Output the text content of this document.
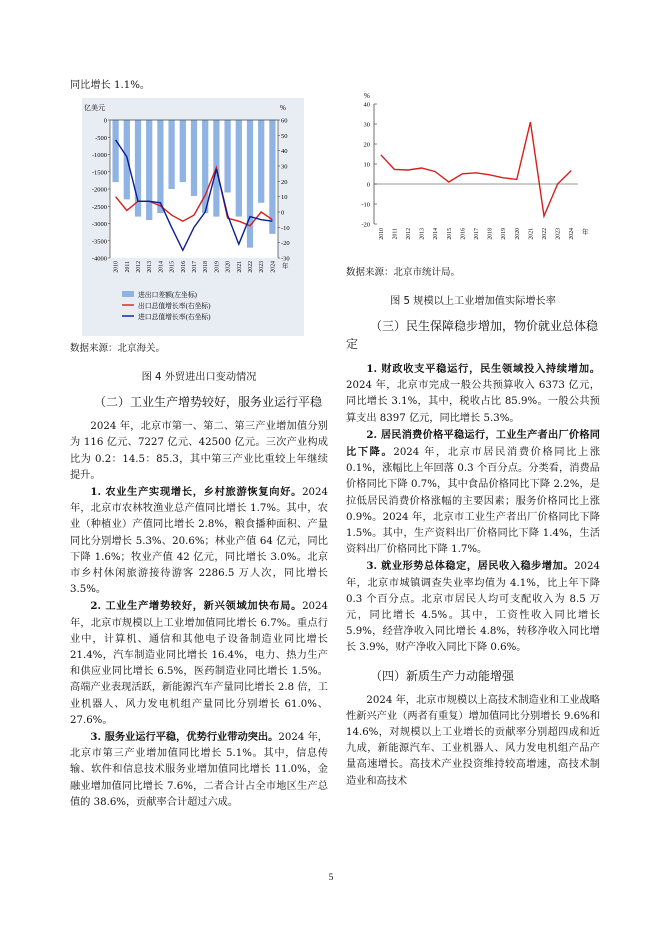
同比增长 1.1%。

亿美元	%
0
-500
-1000
-1500
-2000
-2500
-3000
-3500
-4000
60
50
40
30
20
10
0
-10
-20
-30
2010 2011 2012 2013 2014 2015 2016 2017 2018 2019 2020 2021 2022 2023 2024 年
进出口差额(左坐标)
出口总值增长率(右坐标)
进口总值增长率(右坐标)

数据来源：北京海关。

图 4 外贸进出口变动情况
（二）工业生产增势较好，服务业运行平稳

2024 年，北京市第一、第二、第三产业增加值分别为 116 亿元、7227 亿元、42500 亿元。三次产业构成比为 0.2：14.5：85.3，其中第三产业比重较上年继续提升。

1. 农业生产实现增长，乡村旅游恢复向好。2024 年，北京市农林牧渔业总产值同比增长 1.7%。其中，农业（种植业）产值同比增长 2.8%，粮食播种面积、产量同比分别增长 5.3%、20.6%；林业产值 64 亿元，同比下降 1.6%；牧业产值 42 亿元，同比增长 3.0%。北京市乡村休闲旅游接待游客 2286.5 万人次，同比增长 3.5%。

2. 工业生产增势较好，新兴领域加快布局。2024 年，北京市规模以上工业增加值同比增长 6.7%。重点行业中，计算机、通信和其他电子设备制造业同比增长 21.4%，汽车制造业同比增长 16.4%，电力、热力生产和供应业同比增长 6.5%，医药制造业同比增长 1.5%。高端产业表现活跃，新能源汽车产量同比增长 2.8 倍，工业机器人、风力发电机组产量同比分别增长 61.0%、27.6%。

3. 服务业运行平稳，优势行业带动突出。2024 年，北京市第三产业增加值同比增长 5.1%。其中，信息传输、软件和信息技术服务业增加值同比增长 11.0%，金融业增加值同比增长 7.6%，二者合计占全市地区生产总值的 38.6%，贡献率合计超过六成。

%
40
30
20
10
0
-10
-20
2010 2011 2012 2013 2014 2015 2016 2017 2018 2019 2020 2021 2022 2023 2024 年

数据来源：北京市统计局。

图 5 规模以上工业增加值实际增长率
（三）民生保障稳步增加，物价就业总体稳定

1. 财政收支平稳运行，民生领域投入持续增加。2024 年，北京市完成一般公共预算收入 6373 亿元，同比增长 3.1%，其中，税收占比 85.9%。一般公共预算支出 8397 亿元，同比增长 5.3%。

2. 居民消费价格平稳运行，工业生产者出厂价格同比下降。2024 年，北京市居民消费价格同比上涨 0.1%，涨幅比上年回落 0.3 个百分点。分类看，消费品价格同比下降 0.7%，其中食品价格同比下降 2.2%，是拉低居民消费价格涨幅的主要因素；服务价格同比上涨 0.9%。2024 年，北京市工业生产者出厂价格同比下降 1.5%。其中，生产资料出厂价格同比下降 1.4%，生活资料出厂价格同比下降 1.7%。

3. 就业形势总体稳定，居民收入稳步增加。2024 年，北京市城镇调查失业率均值为 4.1%，比上年下降 0.3 个百分点。北京市居民人均可支配收入为 8.5 万元，同比增长 4.5%。其中，工资性收入同比增长 5.9%，经营净收入同比增长 4.8%，转移净收入同比增长 3.9%，财产净收入同比下降 0.6%。

（四）新质生产力动能增强

2024 年，北京市规模以上高技术制造业和工业战略性新兴产业（两者有重复）增加值同比分别增长 9.6%和 14.6%，对规模以上工业增长的贡献率分别超四成和近九成，新能源汽车、工业机器人、风力发电机组产品产量高速增长。高技术产业投资维持较高增速，高技术制造业和高技术

5
